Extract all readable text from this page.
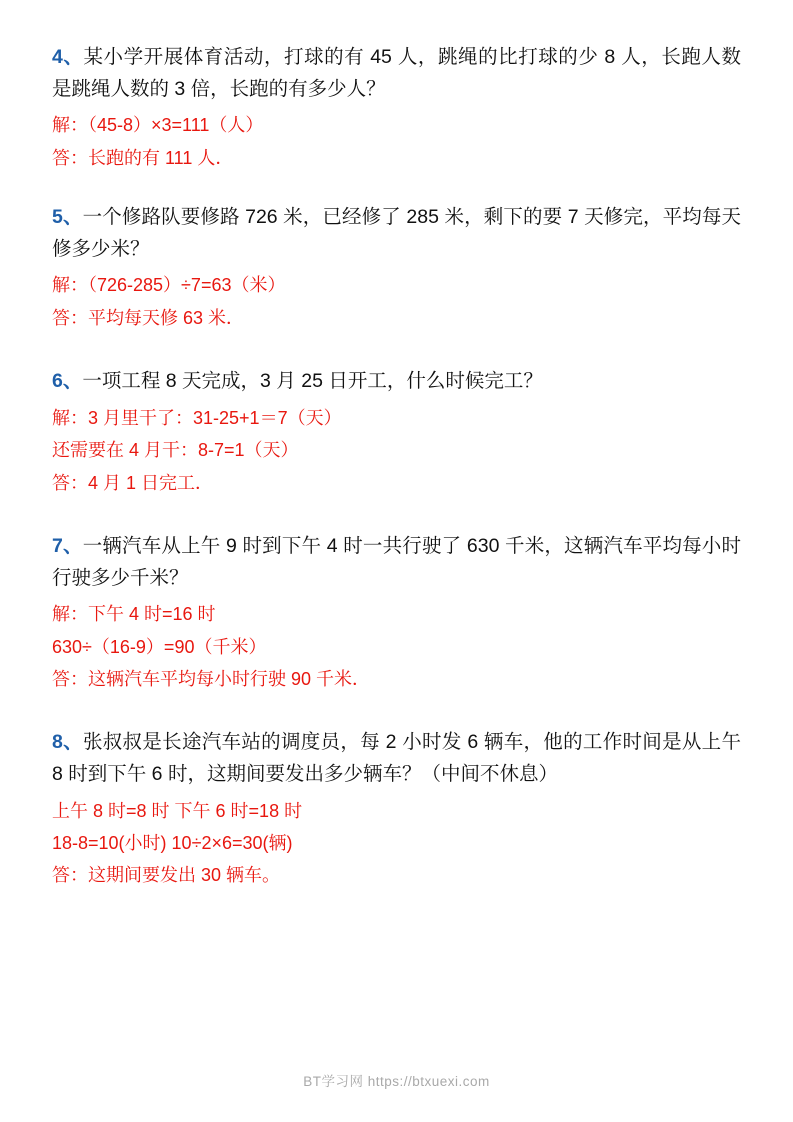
4、某小学开展体育活动，打球的有 45 人，跳绳的比打球的少 8 人，长跑人数是跳绳人数的 3 倍，长跑的有多少人？
解：（45-8）×3=111（人）
答：长跑的有 111 人．
5、一个修路队要修路 726 米，已经修了 285 米，剩下的要 7 天修完，平均每天修多少米？
解：（726-285）÷7=63（米）
答：平均每天修 63 米．
6、一项工程 8 天完成，3 月 25 日开工，什么时候完工？
解：3 月里干了：31-25+1＝7（天）
还需要在 4 月干：8-7=1（天）
答：4 月 1 日完工．
7、一辆汽车从上午 9 时到下午 4 时一共行驶了 630 千米，这辆汽车平均每小时行驶多少千米？
解：下午 4 时=16 时
630÷（16-9）=90（千米）
答：这辆汽车平均每小时行驶 90 千米．
8、张叔叔是长途汽车站的调度员，每 2 小时发 6 辆车，他的工作时间是从上午 8 时到下午 6 时，这期间要发出多少辆车？（中间不休息）
上午 8 时=8 时 下午 6 时=18 时
18-8=10(小时) 10÷2×6=30(辆)
答：这期间要发出 30 辆车。
BT学习网 https://btxuexi.com
